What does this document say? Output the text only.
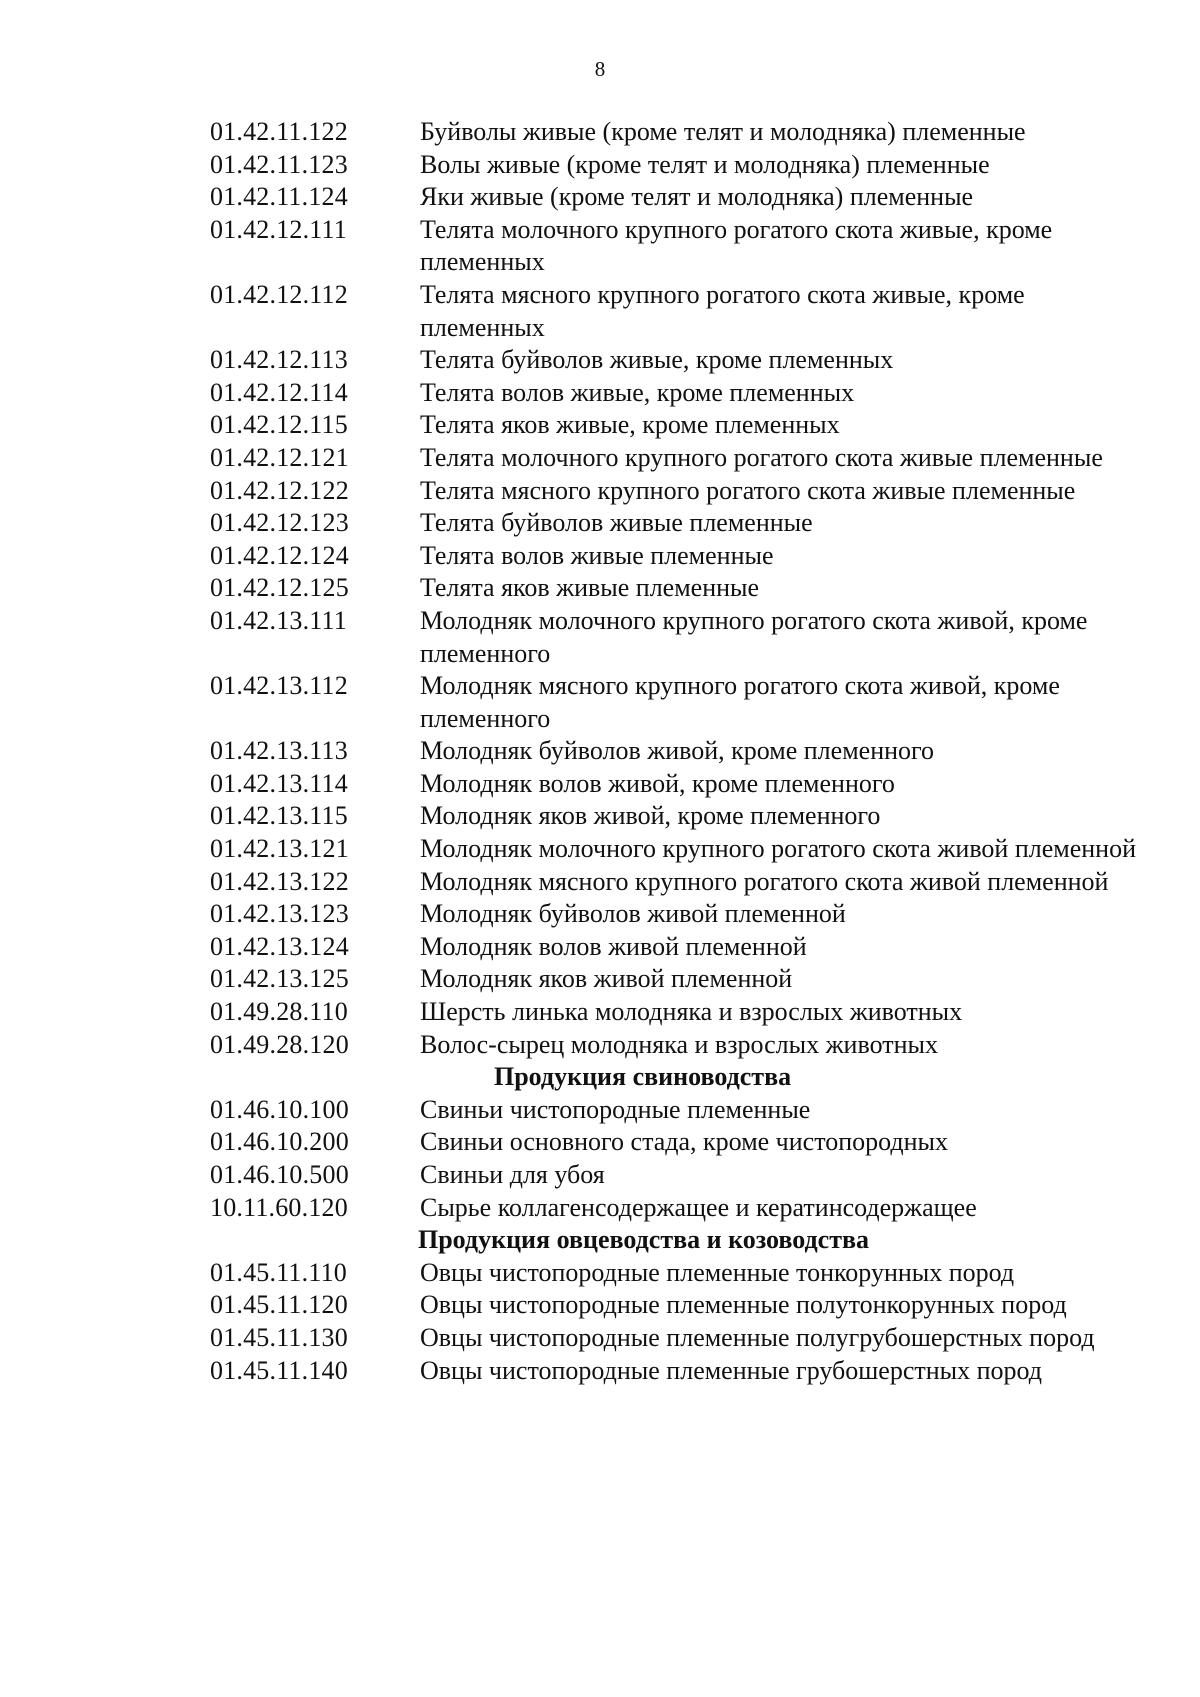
8
01.42.11.122	Буйволы живые (кроме телят и молодняка) племенные
01.42.11.123	Волы живые (кроме телят и молодняка) племенные
01.42.11.124	Яки живые (кроме телят и молодняка) племенные
01.42.12.111	Телята молочного крупного рогатого скота живые, кроме племенных
01.42.12.112	Телята мясного крупного рогатого скота живые, кроме племенных
01.42.12.113	Телята буйволов живые, кроме племенных
01.42.12.114	Телята волов живые, кроме племенных
01.42.12.115	Телята яков живые, кроме племенных
01.42.12.121	Телята молочного крупного рогатого скота живые племенные
01.42.12.122	Телята мясного крупного рогатого скота живые племенные
01.42.12.123	Телята буйволов живые племенные
01.42.12.124	Телята волов живые племенные
01.42.12.125	Телята яков живые племенные
01.42.13.111	Молодняк молочного крупного рогатого скота живой, кроме племенного
01.42.13.112	Молодняк мясного крупного рогатого скота живой, кроме племенного
01.42.13.113	Молодняк буйволов живой, кроме племенного
01.42.13.114	Молодняк волов живой, кроме племенного
01.42.13.115	Молодняк яков живой, кроме племенного
01.42.13.121	Молодняк молочного крупного рогатого скота живой племенной
01.42.13.122	Молодняк мясного крупного рогатого скота живой племенной
01.42.13.123	Молодняк буйволов живой племенной
01.42.13.124	Молодняк волов живой племенной
01.42.13.125	Молодняк яков живой племенной
01.49.28.110	Шерсть линька молодняка и взрослых животных
01.49.28.120	Волос-сырец молодняка и взрослых животных
Продукция свиноводства
01.46.10.100	Свиньи чистопородные племенные
01.46.10.200	Свиньи основного стада, кроме чистопородных
01.46.10.500	Свиньи для убоя
10.11.60.120	Сырье коллагенсодержащее и кератинсодержащее
Продукция овцеводства и козоводства
01.45.11.110	Овцы чистопородные племенные тонкорунных пород
01.45.11.120	Овцы чистопородные племенные полутонкорунных пород
01.45.11.130	Овцы чистопородные племенные полугрубошерстных пород
01.45.11.140	Овцы чистопородные племенные грубошерстных пород
